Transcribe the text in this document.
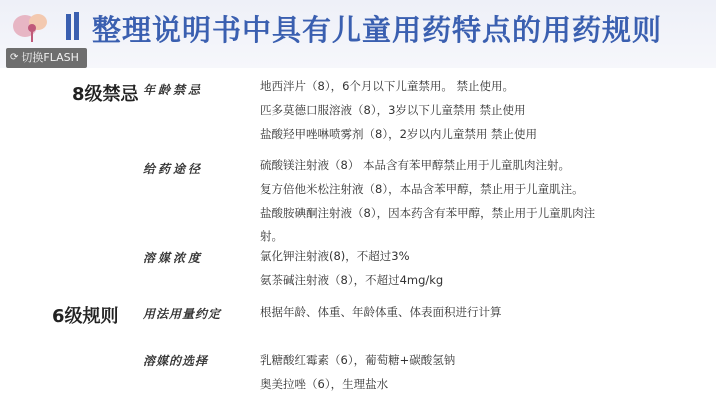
整理说明书中具有儿童用药特点的用药规则
⟳ 切换FLASH
8级禁忌 年龄禁忌	地西泮片（8），6个月以下儿童禁用。 禁止使用。
匹多莫德口服溶液（8），3岁以下儿童禁用 禁止使用
盐酸羟甲唑啉喷雾剂（8），2岁以内儿童禁用 禁止使用
给药途径	硫酸镁注射液（8） 本品含有苯甲醇禁止用于儿童肌肉注射。
复方倍他米松注射液（8），本品含苯甲醇，禁止用于儿童肌注。
盐酸胺碘酮注射液（8），因本药含有苯甲醇，禁止用于儿童肌肉注
射。
溶媒浓度	氯化钾注射液(8)，不超过3%
氨茶碱注射液（8），不超过4mg/kg
6级规则 用法用量约定	根据年龄、体重、年龄体重、体表面积进行计算
溶媒的选择	乳糖酸红霉素（6），葡萄糖+碳酸氢钠
奥美拉唑（6），生理盐水
